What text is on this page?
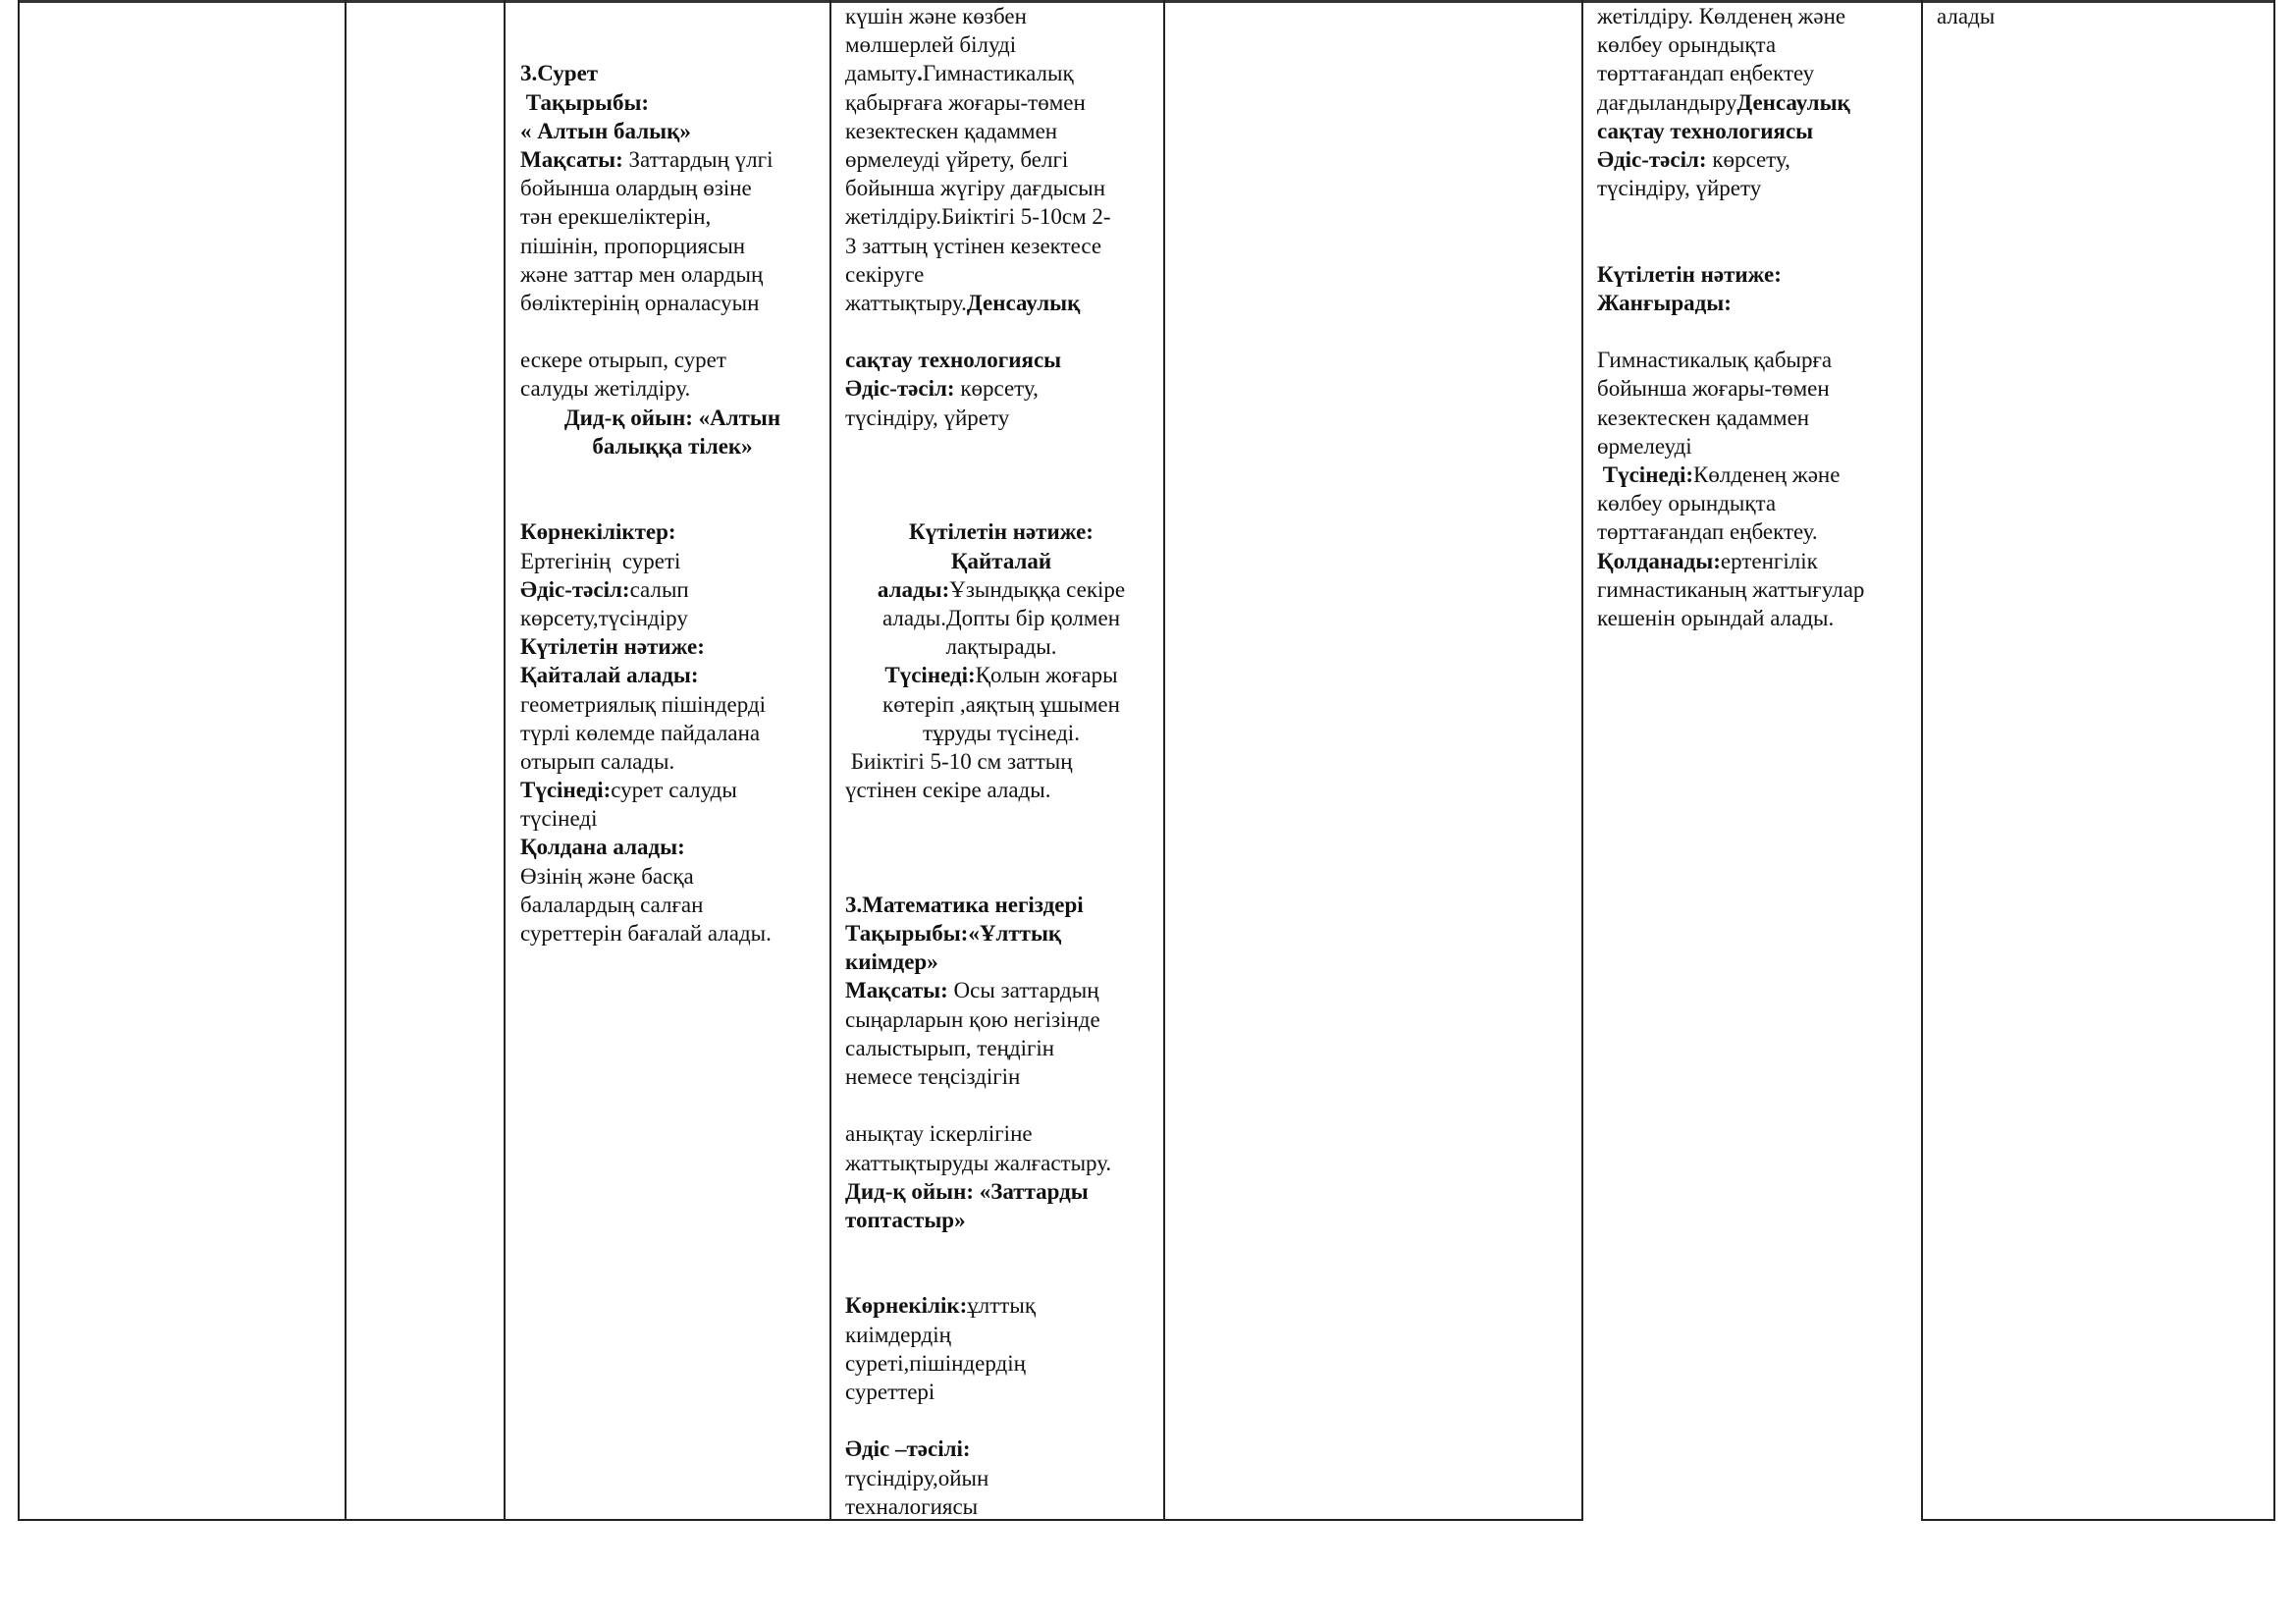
3.Сурет
Тақырыбы:
« Алтын балық»
Мақсаты: Заттардың үлгі
бойынша олардың өзіне
тән ерекшеліктерін,
пішінін, пропорциясын
және заттар мен олардың
бөліктерінің орналасуын
ескере отырып, сурет
салуды жетілдіру.
Дид-қ ойын: «Алтын
балыққа тілек»
Көрнекіліктер:
Ертегінің  суреті
Әдіс-тәсіл:салып
көрсету,түсіндіру
Күтілетін нәтиже:
Қайталай алады:
геометриялық пішіндерді
түрлі көлемде пайдалана
отырып салады.
Түсінеді:сурет салуды
түсінеді
Қолдана алады:
Өзінің және басқа
балалардың салған
суреттерін бағалай алады.
күшін және көзбен
мөлшерлей білуді
дамыту.Гимнастикалық
қабырғаға жоғары-төмен
кезектескен қадаммен
өрмелеуді үйрету, белгі
бойынша жүгіру дағдысын
жетілдіру.Биіктігі 5-10см 2-
3 заттың үстінен кезектесе
секіруге
жаттықтыру.Денсаулық
сақтау технологиясы
Әдіс-тәсіл: көрсету,
түсіндіру, үйрету
Күтілетін нәтиже:
Қайталай
алады:Ұзындыққа секіре
алады.Допты бір қолмен
лақтырады.
Түсінеді:Қолын жоғары
көтеріп ,аяқтың ұшымен
тұруды түсінеді.
Биіктігі 5-10 см заттың
үстінен секіре алады.
3.Математика негіздері
Тақырыбы:«Ұлттық
киімдер»
Мақсаты: Осы заттардың
сыңарларын қою негізінде
салыстырып, теңдігін
немесе теңсіздігін
анықтау іскерлігіне
жаттықтыруды жалғастыру.
Дид-қ ойын: «Заттарды
топтастыр»
Көрнекілік:ұлттық
киімдердің
суреті,пішіндердің
суреттері
Әдіс –тәсілі:
түсіндіру,ойын
техналогиясы
жетілдіру. Көлденең және
көлбеу орындықта
төрттағандап еңбектеу
дағдыландыруДенсаулық
сақтау технологиясы
Әдіс-тәсіл: көрсету,
түсіндіру, үйрету
Күтілетін нәтиже:
Жанғырады:
Гимнастикалық қабырға
бойынша жоғары-төмен
кезектескен қадаммен
өрмелеуді
Түсінеді:Көлденең және
көлбеу орындықта
төрттағандап еңбектеу.
Қолданады:ертенгілік
гимнастиканың жаттығулар
кешенін орындай алады.
алады
